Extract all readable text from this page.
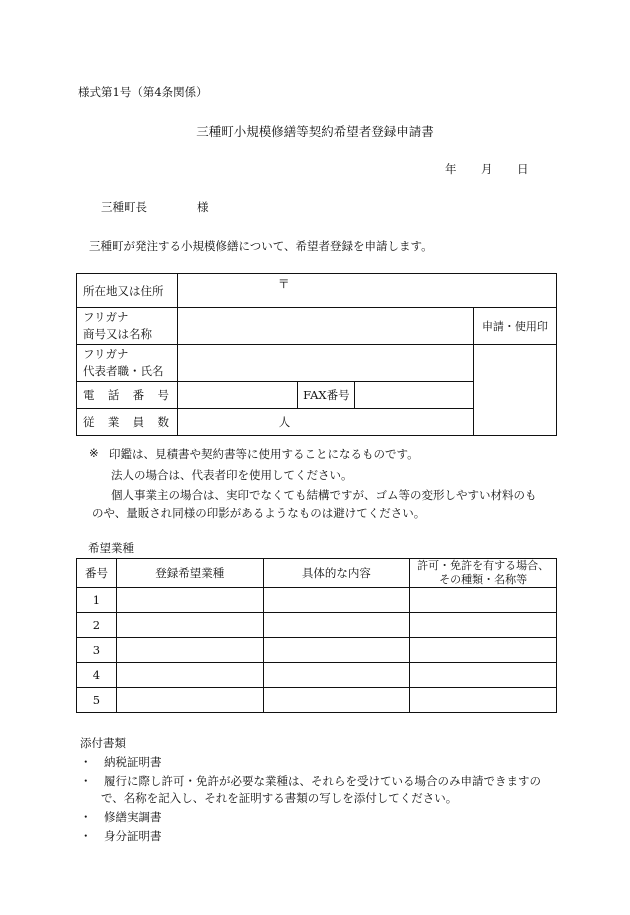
様式第1号（第4条関係）
三種町小規模修繕等契約希望者登録申請書
年 月 日
三種町長	様
三種町が発注する小規模修繕について、希望者登録を申請します。
所在地又は住所	〒			

フリガナ
商号又は名称				申請・使用印

フリガナ
代表者職・氏名				

電 話 番 号		FAX番号		

従 業 員 数	人			
※ 印鑑は、見積書や契約書等に使用することになるものです。
法人の場合は、代表者印を使用してください。
個人事業主の場合は、実印でなくても結構ですが、ゴム等の変形しやすい材料のも
のや、量販され同様の印影があるようなものは避けてください。
希望業種
番号	登録希望業種	具体的な内容	許可・免許を有する場合、
その種類・名称等

1			
2			
3			
4			
5			
添付書類
・ 納税証明書
・ 履行に際し許可・免許が必要な業種は、それらを受けている場合のみ申請できますの
で、名称を記入し、それを証明する書類の写しを添付してください。
・ 修繕実調書
・ 身分証明書
